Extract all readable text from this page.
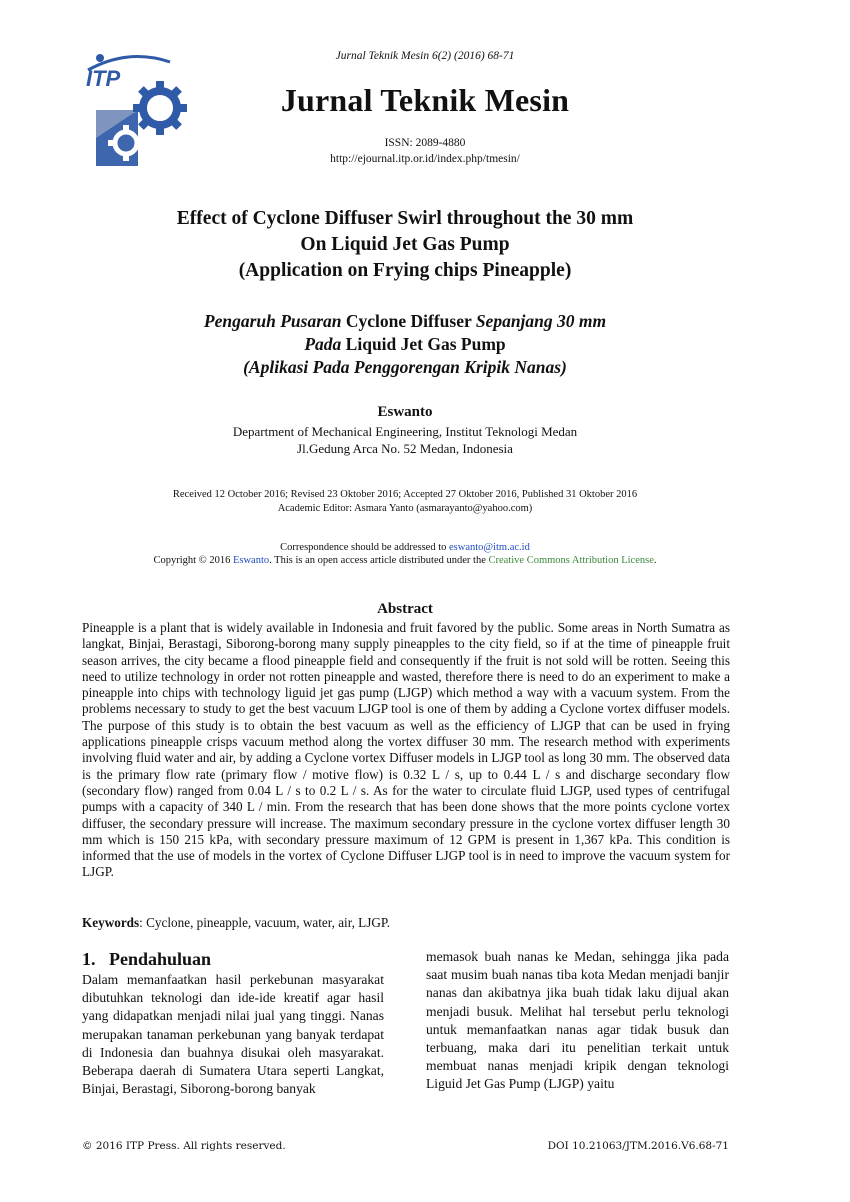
Jurnal Teknik Mesin 6(2) (2016) 68-71
ITP
Jurnal Teknik Mesin
ISSN: 2089-4880
http://ejournal.itp.or.id/index.php/tmesin/
Effect of Cyclone Diffuser Swirl throughout the 30 mm
On Liquid Jet Gas Pump
(Application on Frying chips Pineapple)
Pengaruh Pusaran Cyclone Diffuser Sepanjang 30 mm
Pada Liquid Jet Gas Pump
(Aplikasi Pada Penggorengan Kripik Nanas)
Eswanto
Department of Mechanical Engineering, Institut Teknologi Medan
Jl.Gedung Arca No. 52 Medan, Indonesia
Received 12 October 2016; Revised 23 Oktober 2016; Accepted 27 Oktober 2016, Published 31 Oktober 2016
Academic Editor: Asmara Yanto (asmarayanto@yahoo.com)
Correspondence should be addressed to eswanto@itm.ac.id
Copyright © 2016 Eswanto. This is an open access article distributed under the Creative Commons Attribution License.
Abstract
Pineapple is a plant that is widely available in Indonesia and fruit favored by the public. Some areas in North Sumatra as langkat, Binjai, Berastagi, Siborong-borong many supply pineapples to the city field, so if at the time of pineapple fruit season arrives, the city became a flood pineapple field and consequently if the fruit is not sold will be rotten. Seeing this need to utilize technology in order not rotten pineapple and wasted, therefore there is need to do an experiment to make a pineapple into chips with technology liguid jet gas pump (LJGP) which method a way with a vacuum system. From the problems necessary to study to get the best vacuum LJGP tool is one of them by adding a Cyclone vortex diffuser models. The purpose of this study is to obtain the best vacuum as well as the efficiency of LJGP that can be used in frying applications pineapple crisps vacuum method along the vortex diffuser 30 mm. The research method with experiments involving fluid water and air, by adding a Cyclone vortex Diffuser models in LJGP tool as long 30 mm. The observed data is the primary flow rate (primary flow / motive flow) is 0.32 L / s, up to 0.44 L / s and discharge secondary flow (secondary flow) ranged from 0.04 L / s to 0.2 L / s. As for the water to circulate fluid LJGP, used types of centrifugal pumps with a capacity of 340 L / min. From the research that has been done shows that the more points cyclone vortex diffuser, the secondary pressure will increase. The maximum secondary pressure in the cyclone vortex diffuser length 30 mm which is 150 215 kPa, with secondary pressure maximum of 12 GPM is present in 1,367 kPa. This condition is informed that the use of models in the vortex of Cyclone Diffuser LJGP tool is in need to improve the vacuum system for LJGP.
Keywords: Cyclone, pineapple, vacuum, water, air, LJGP.
1.   Pendahuluan
Dalam memanfaatkan hasil perkebunan masyarakat dibutuhkan teknologi dan ide-ide kreatif agar hasil yang didapatkan menjadi nilai jual yang tinggi. Nanas merupakan tanaman perkebunan yang banyak terdapat di Indonesia dan buahnya disukai oleh masyarakat. Beberapa daerah di Sumatera Utara seperti Langkat, Binjai, Berastagi, Siborong-borong banyak
memasok buah nanas ke Medan, sehingga jika pada saat musim buah nanas tiba kota Medan menjadi banjir nanas dan akibatnya jika buah tidak laku dijual akan menjadi busuk. Melihat hal tersebut perlu teknologi untuk memanfaatkan nanas agar tidak busuk dan terbuang, maka dari itu penelitian terkait untuk membuat nanas menjadi kripik dengan teknologi Liguid Jet Gas Pump (LJGP) yaitu
© 2016 ITP Press. All rights reserved.	DOI 10.21063/JTM.2016.V6.68-71
